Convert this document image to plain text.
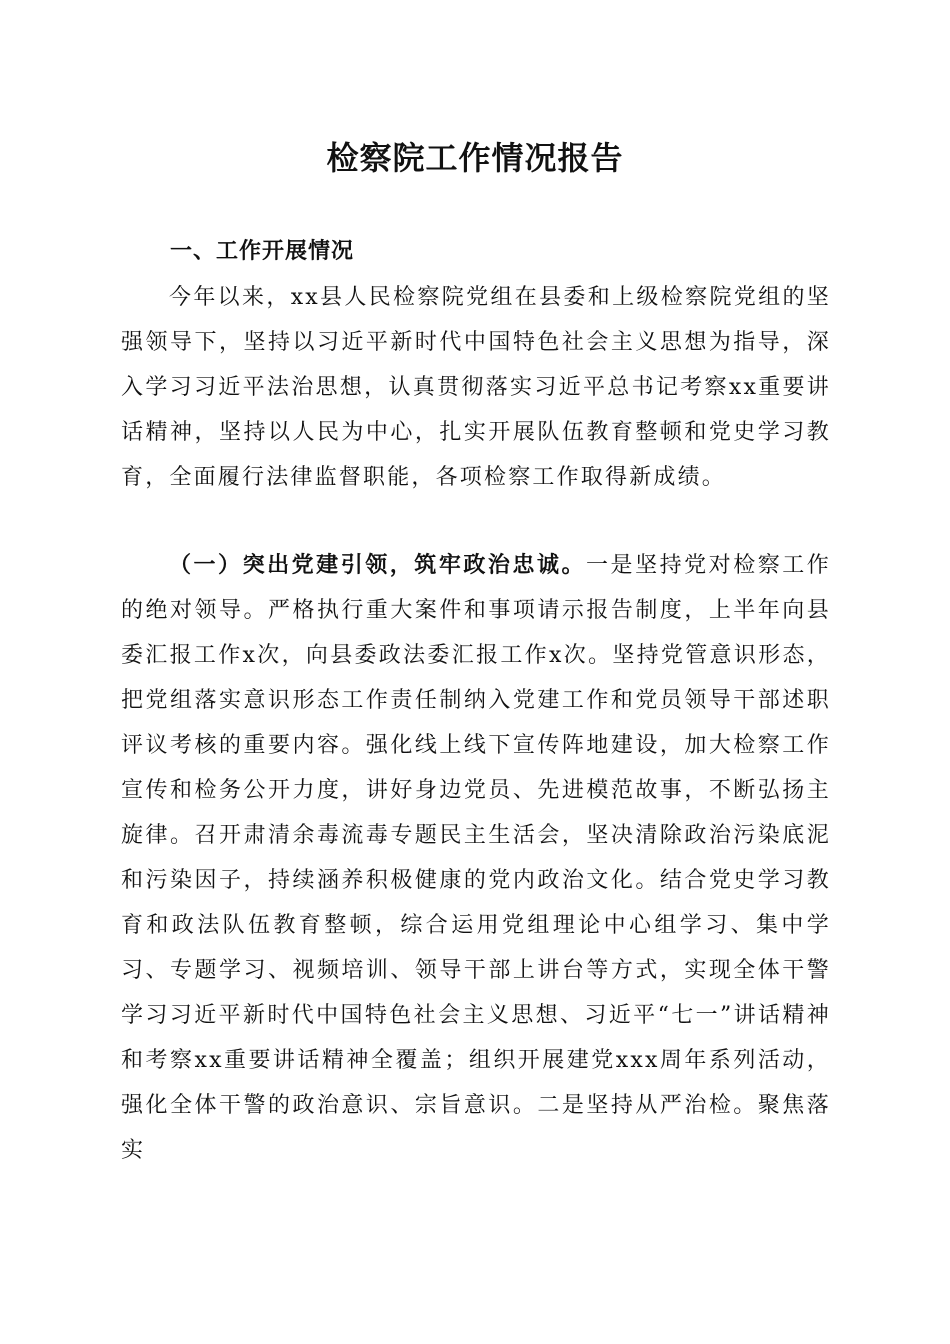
检察院工作情况报告
一、工作开展情况

今年以来，xx县人民检察院党组在县委和上级检察院党组的坚强领导下，坚持以习近平新时代中国特色社会主义思想为指导，深入学习习近平法治思想，认真贯彻落实习近平总书记考察xx重要讲话精神，坚持以人民为中心，扎实开展队伍教育整顿和党史学习教育，全面履行法律监督职能，各项检察工作取得新成绩。

（一）突出党建引领，筑牢政治忠诚。一是坚持党对检察工作的绝对领导。严格执行重大案件和事项请示报告制度，上半年向县委汇报工作x次，向县委政法委汇报工作x次。坚持党管意识形态，把党组落实意识形态工作责任制纳入党建工作和党员领导干部述职评议考核的重要内容。强化线上线下宣传阵地建设，加大检察工作宣传和检务公开力度，讲好身边党员、先进模范故事，不断弘扬主旋律。召开肃清余毒流毒专题民主生活会，坚决清除政治污染底泥和污染因子，持续涵养积极健康的党内政治文化。结合党史学习教育和政法队伍教育整顿，综合运用党组理论中心组学习、集中学习、专题学习、视频培训、领导干部上讲台等方式，实现全体干警学习习近平新时代中国特色社会主义思想、习近平“七一”讲话精神和考察xx重要讲话精神全覆盖；组织开展建党xxx周年系列活动，强化全体干警的政治意识、宗旨意识。二是坚持从严治检。聚焦落实
